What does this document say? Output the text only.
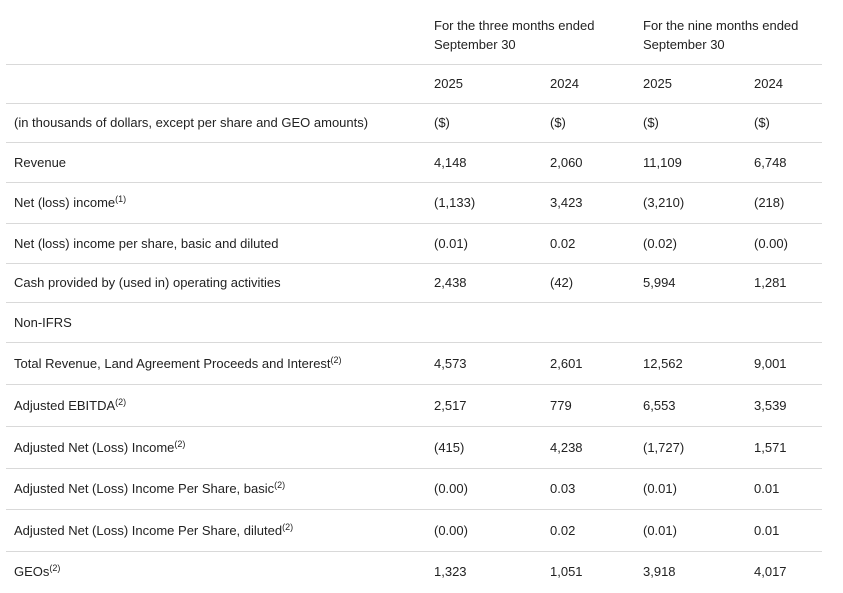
For the three months ended
September 30
For the nine months ended
September 30
2025	2024	2025	2024
(in thousands of dollars, except per share and GEO amounts)	($)	($)	($)	($)
Revenue	4,148	2,060	11,109	6,748
Net (loss) income$^{(1)}$	(1,133)	3,423	(3,210)	(218)
Net (loss) income per share, basic and diluted	(0.01)	0.02	(0.02)	(0.00)
Cash provided by (used in) operating activities	2,438	(42)	5,994	1,281
Non-IFRS
Total Revenue, Land Agreement Proceeds and Interest$^{(2)}$	4,573	2,601	12,562	9,001
Adjusted EBITDA$^{(2)}$	2,517	779	6,553	3,539
Adjusted Net (Loss) Income$^{(2)}$	(415)	4,238	(1,727)	1,571
Adjusted Net (Loss) Income Per Share, basic$^{(2)}$	(0.00)	0.03	(0.01)	0.01
Adjusted Net (Loss) Income Per Share, diluted$^{(2)}$	(0.00)	0.02	(0.01)	0.01
GEOs$^{(2)}$	1,323	1,051	3,918	4,017
